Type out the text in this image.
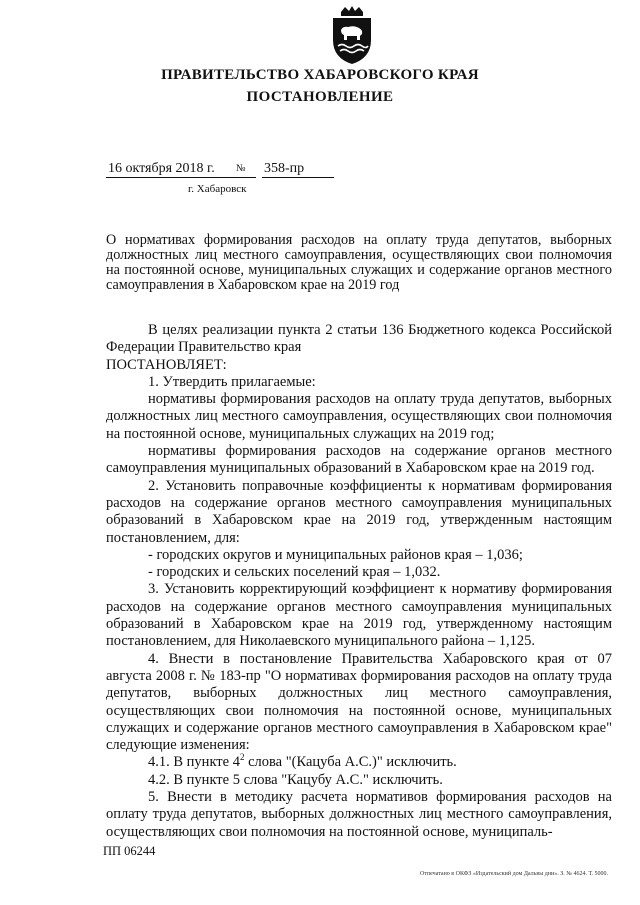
ПРАВИТЕЛЬСТВО ХАБАРОВСКОГО КРАЯ
ПОСТАНОВЛЕНИЕ
16 октября 2018 г.	№ 358-пр
г. Хабаровск
О нормативах формирования расходов на оплату труда депутатов, выборных должностных лиц местного самоуправления, осуществляющих свои полномочия на постоянной основе, муниципальных служащих и содержание органов местного самоуправления в Хабаровском крае на 2019 год

В целях реализации пункта 2 статьи 136 Бюджетного кодекса Российской Федерации Правительство края

ПОСТАНОВЛЯЕТ:

1. Утвердить прилагаемые:

нормативы формирования расходов на оплату труда депутатов, выборных должностных лиц местного самоуправления, осуществляющих свои полномочия на постоянной основе, муниципальных служащих на 2019 год;

нормативы формирования расходов на содержание органов местного самоуправления муниципальных образований в Хабаровском крае на 2019 год.

2. Установить поправочные коэффициенты к нормативам формирования расходов на содержание органов местного самоуправления муниципальных образований в Хабаровском крае на 2019 год, утвержденным настоящим постановлением, для:

- городских округов и муниципальных районов края – 1,036;

- городских и сельских поселений края – 1,032.

3. Установить корректирующий коэффициент к нормативу формирования расходов на содержание органов местного самоуправления муниципальных образований в Хабаровском крае на 2019 год, утвержденному настоящим постановлением, для Николаевского муниципального района – 1,125.

4. Внести в постановление Правительства Хабаровского края от 07 августа 2008 г. № 183-пр "О нормативах формирования расходов на оплату труда депутатов, выборных должностных лиц местного самоуправления, осуществляющих свои полномочия на постоянной основе, муниципальных служащих и содержание органов местного самоуправления в Хабаровском крае" следующие изменения:

4.1. В пункте $4^2$ слова "(Кацуба А.С.)" исключить.

4.2. В пункте 5 слова "Кацубу А.С." исключить.

5. Внести в методику расчета нормативов формирования расходов на оплату труда депутатов, выборных должностных лиц местного самоуправления, осуществляющих свои полномочия на постоянной основе, муниципаль-

ПП 06244
Отпечатано в ОКФЗ «Издательский дом Дальвы дни». З. № 4624. Т. 5000.
